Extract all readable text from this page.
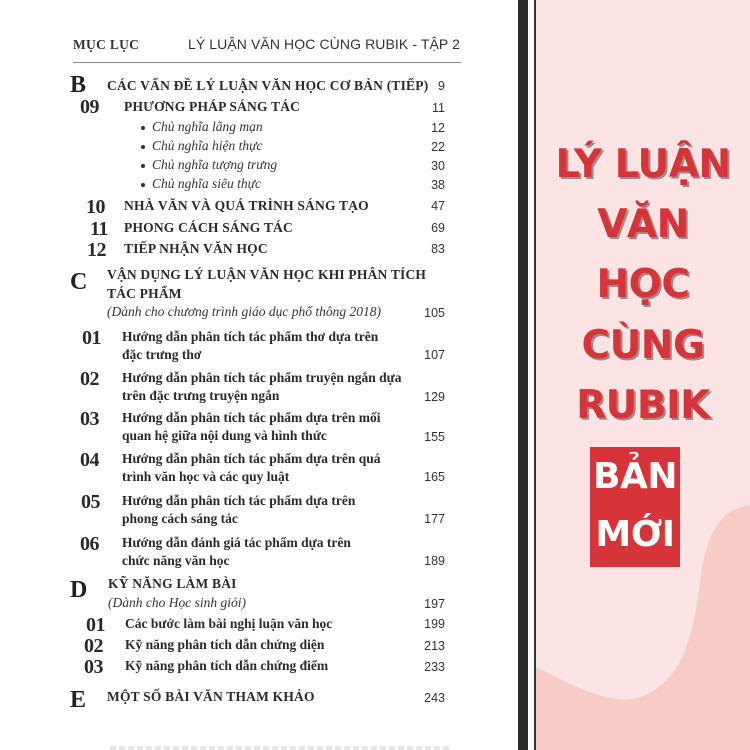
MỤC LỤC	LÝ LUẬN VĂN HỌC CÙNG RUBIK - TẬP 2
B CÁC VẤN ĐỀ LÝ LUẬN VĂN HỌC CƠ BẢN (TIẾP) 9
09 PHƯƠNG PHÁP SÁNG TÁC	11
Chủ nghĩa lãng mạn	12
Chủ nghĩa hiện thực	22
Chủ nghĩa tượng trưng	30
Chủ nghĩa siêu thực	38
10 NHÀ VĂN VÀ QUÁ TRÌNH SÁNG TẠO	47
11 PHONG CÁCH SÁNG TÁC	69
12 TIẾP NHẬN VĂN HỌC	83
C VẬN DỤNG LÝ LUẬN VĂN HỌC KHI PHÂN TÍCH
TÁC PHẨM
(Dành cho chương trình giáo dục phổ thông 2018)	105
01 Hướng dẫn phân tích tác phẩm thơ dựa trên
đặc trưng thơ	107
02 Hướng dẫn phân tích tác phẩm truyện ngắn dựa
trên đặc trưng truyện ngắn	129
03 Hướng dẫn phân tích tác phẩm dựa trên mối
quan hệ giữa nội dung và hình thức	155
04 Hướng dẫn phân tích tác phẩm dựa trên quá
trình văn học và các quy luật	165
05 Hướng dẫn phân tích tác phẩm dựa trên
phong cách sáng tác	177
06 Hướng dẫn đánh giá tác phẩm dựa trên
chức năng văn học	189
D KỸ NĂNG LÀM BÀI
(Dành cho Học sinh giỏi)	197
01 Các bước làm bài nghị luận văn học	199
02 Kỹ năng phân tích dẫn chứng diện	213
03 Kỹ năng phân tích dẫn chứng điểm	233
E MỘT SỐ BÀI VĂN THAM KHẢO	243
LÝ LUẬN
VĂN
HỌC
CÙNG
RUBIK
BẢN
MỚI
